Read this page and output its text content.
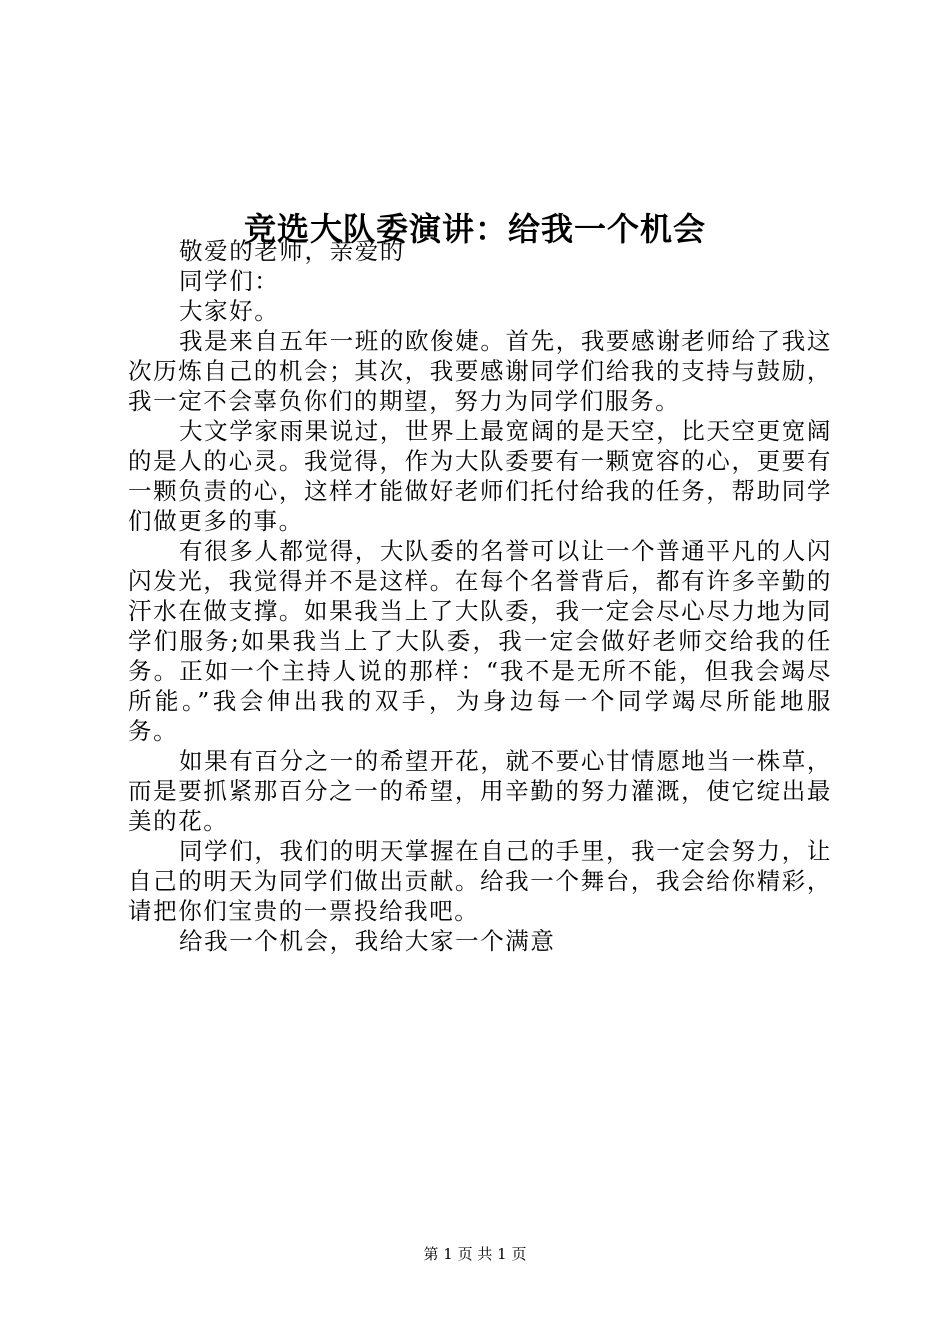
竞选大队委演讲：给我一个机会

敬爱的老师，亲爱的

同学们：

大家好。

我是来自五年一班的欧俊婕。首先，我要感谢老师给了我这次历炼自己的机会；其次，我要感谢同学们给我的支持与鼓励，我一定不会辜负你们的期望，努力为同学们服务。

大文学家雨果说过，世界上最宽阔的是天空，比天空更宽阔的是人的心灵。我觉得，作为大队委要有一颗宽容的心，更要有一颗负责的心，这样才能做好老师们托付给我的任务，帮助同学们做更多的事。

有很多人都觉得，大队委的名誉可以让一个普通平凡的人闪闪发光，我觉得并不是这样。在每个名誉背后，都有许多辛勤的汗水在做支撑。如果我当上了大队委，我一定会尽心尽力地为同学们服务;如果我当上了大队委，我一定会做好老师交给我的任务。正如一个主持人说的那样：“我不是无所不能，但我会竭尽所能。”我会伸出我的双手，为身边每一个同学竭尽所能地服务。

如果有百分之一的希望开花，就不要心甘情愿地当一株草，而是要抓紧那百分之一的希望，用辛勤的努力灌溉，使它绽出最美的花。

同学们，我们的明天掌握在自己的手里，我一定会努力，让自己的明天为同学们做出贡献。给我一个舞台，我会给你精彩，请把你们宝贵的一票投给我吧。

给我一个机会，我给大家一个满意

第 1 页 共 1 页
